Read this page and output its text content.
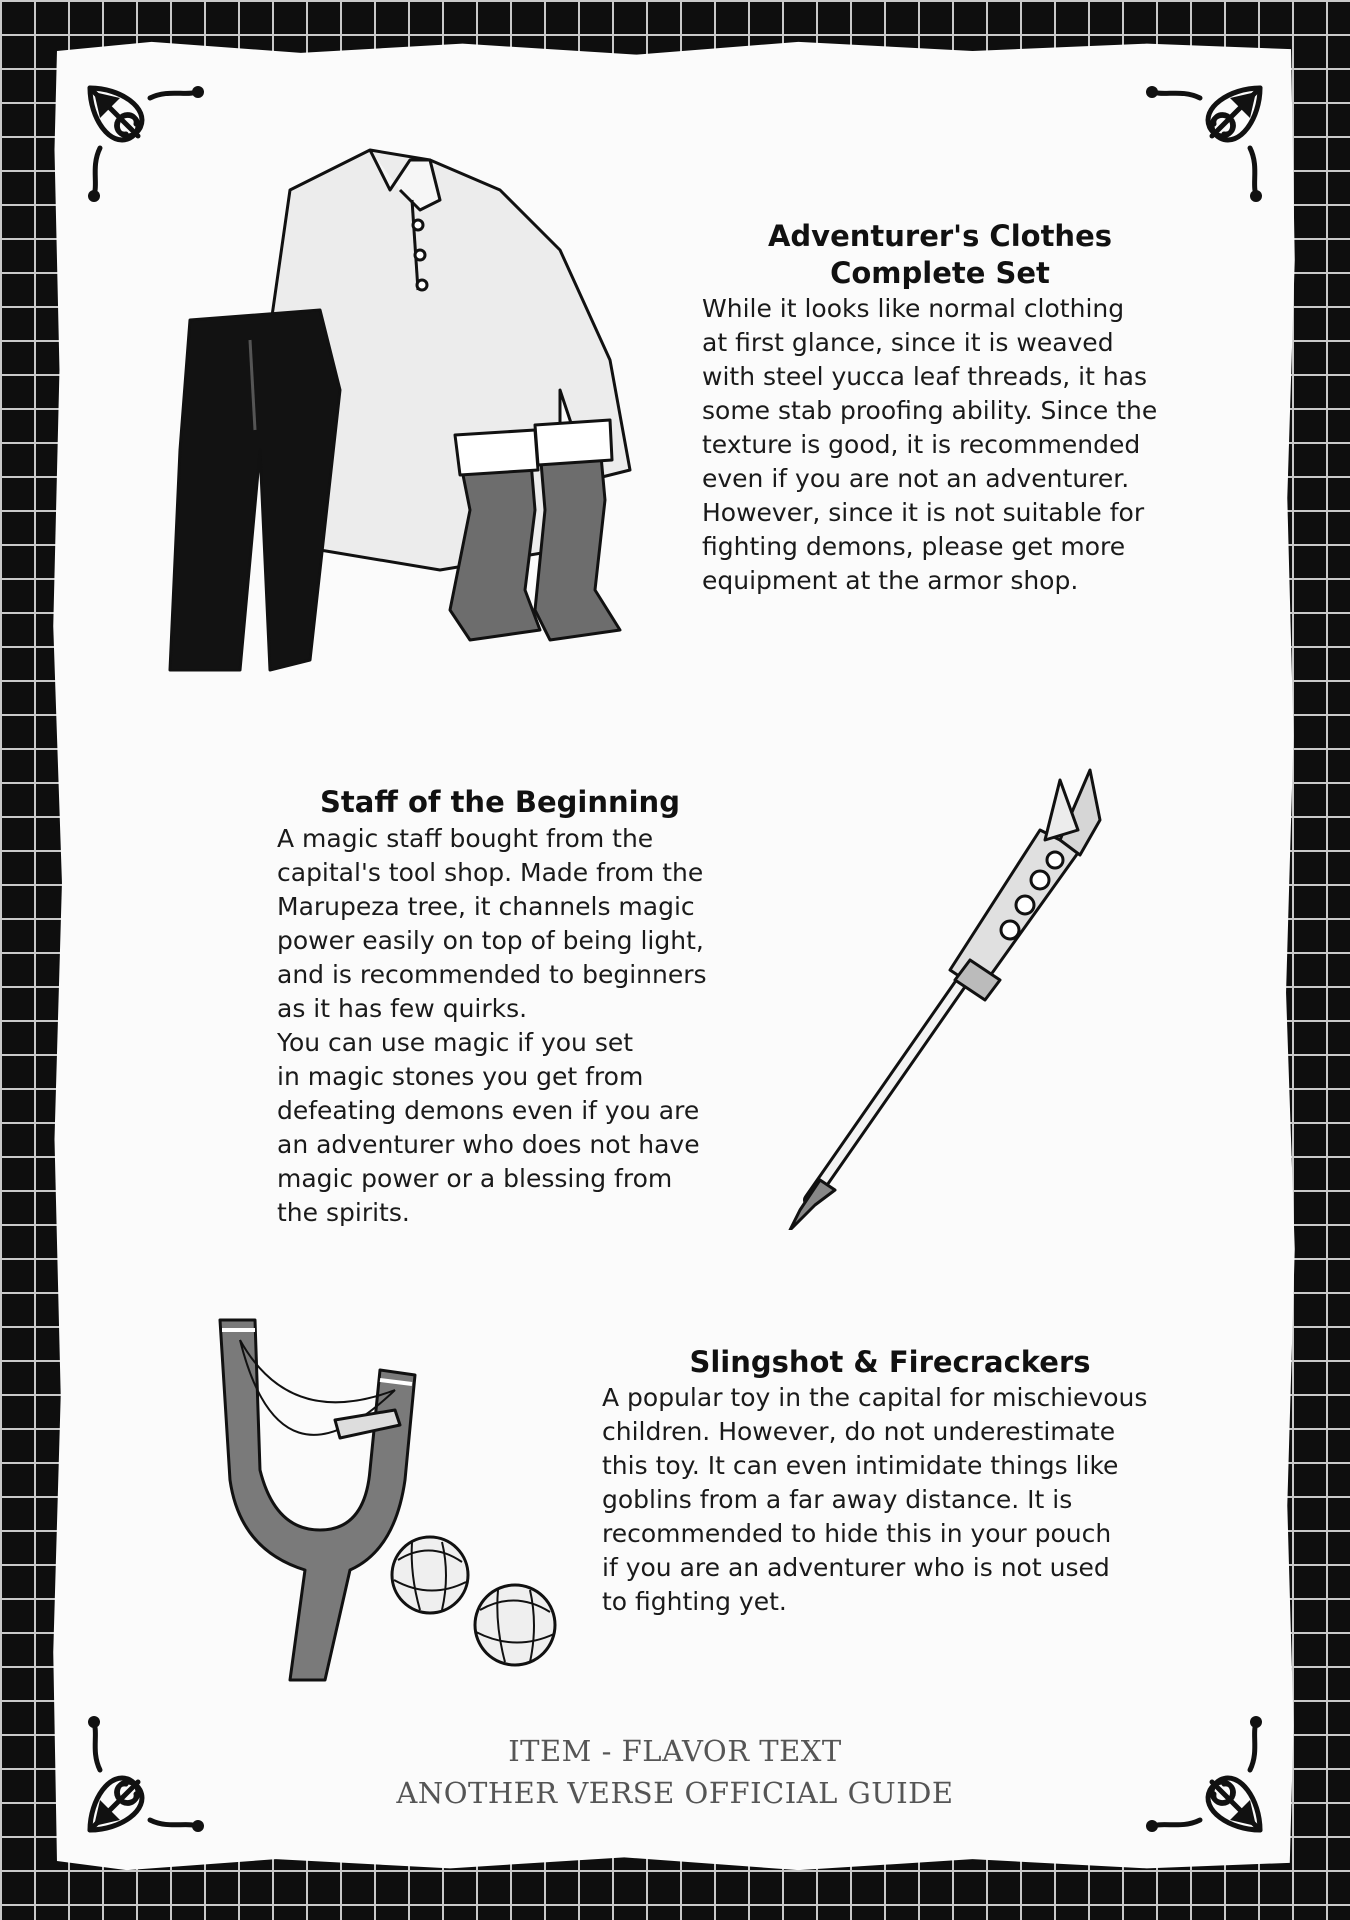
Adventurer's Clothes
Complete Set
While it looks like normal clothing
at first glance, since it is weaved
with steel yucca leaf threads, it has
some stab proofing ability. Since the
texture is good, it is recommended
even if you are not an adventurer.
However, since it is not suitable for
fighting demons, please get more
equipment at the armor shop.
Staff of the Beginning
A magic staff bought from the
capital's tool shop. Made from the
Marupeza tree, it channels magic
power easily on top of being light,
and is recommended to beginners
as it has few quirks.
You can use magic if you set
in magic stones you get from
defeating demons even if you are
an adventurer who does not have
magic power or a blessing from
the spirits.
Slingshot & Firecrackers
A popular toy in the capital for mischievous
children. However, do not underestimate
this toy. It can even intimidate things like
goblins from a far away distance. It is
recommended to hide this in your pouch
if you are an adventurer who is not used
to fighting yet.
ITEM - FLAVOR TEXT
ANOTHER VERSE OFFICIAL GUIDE
